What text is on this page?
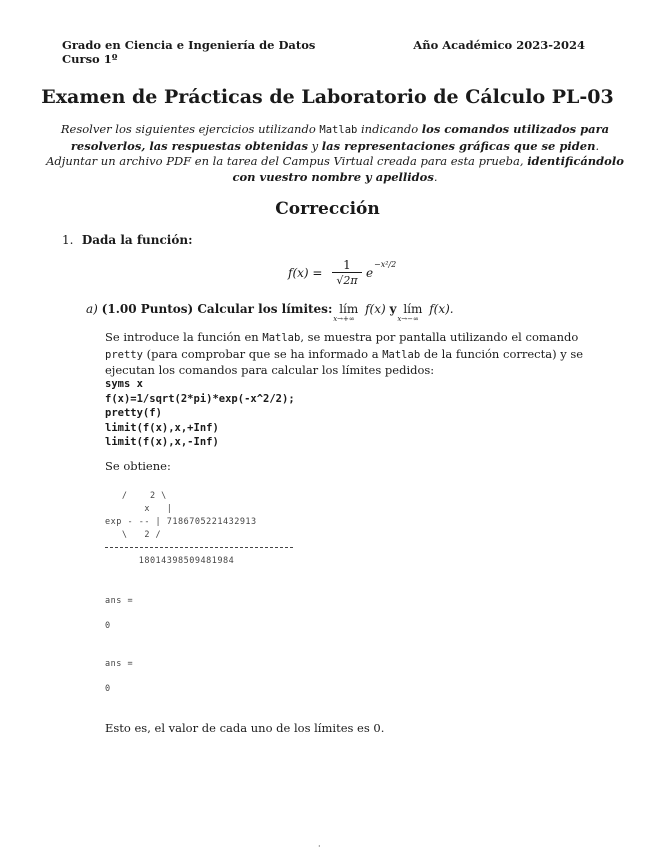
Grado en Ciencia e Ingeniería de Datos
Curso 1º
Año Académico 2023-2024
Examen de Prácticas de Laboratorio de Cálculo PL-03
Resolver los siguientes ejercicios utilizando Matlab indicando los comandos utilizados para resolverlos, las respuestas obtenidas y las representaciones gráficas que se piden.
Adjuntar un archivo PDF en la tarea del Campus Virtual creada para esta prueba, identificándolo con vuestro nombre y apellidos.
Corrección
1. Dada la función:
$f(x) = \frac{1}{√2\pi}$ e
−x²/2
a) (1.00 Puntos) Calcular los límites: lím
x→+∞
f(x) y lím
x→−∞
f(x).
Se introduce la función en Matlab, se muestra por pantalla utilizando el comando pretty (para comprobar que se ha informado a Matlab de la función correcta) y se ejecutan los comandos para calcular los límites pedidos:
syms x
f(x)=1/sqrt(2*pi)*exp(-x^2/2);
pretty(f)
limit(f(x),x,+Inf)
limit(f(x),x,-Inf)
Se obtiene:
/    2 \
x   |
exp - -- | 7186705221432913
\   2 /
18014398509481984
ans =
0
ans =
0
Esto es, el valor de cada uno de los límites es 0.
·
